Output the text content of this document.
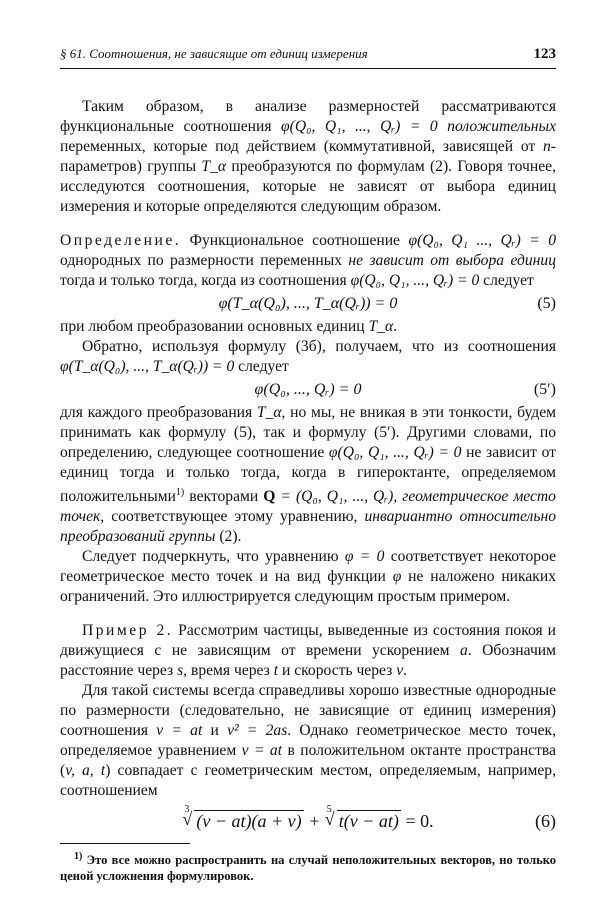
§ 61. Соотношения, не зависящие от единиц измерения	123

Таким образом, в анализе размерностей рассматриваются функциональные соотношения φ(Q₀, Q₁, ..., Qᵣ) = 0 положительных переменных, которые под действием (коммутативной, зависящей от n-параметров) группы T_α преобразуются по формулам (2). Говоря точнее, исследуются соотношения, которые не зависят от выбора единиц измерения и которые определяются следующим образом.

Определение. Функциональное соотношение φ(Q₀, Q₁ ..., Qᵣ) = 0 однородных по размерности переменных не зависит от выбора единиц тогда и только тогда, когда из соотношения φ(Q₀, Q₁, ..., Qᵣ) = 0 следует

φ(T_α(Q₀), ..., T_α(Qᵣ)) = 0	(5)

при любом преобразовании основных единиц T_α.

Обратно, используя формулу (3б), получаем, что из соотношения φ(T_α(Q₀), ..., T_α(Qᵣ)) = 0 следует

φ(Q₀, ..., Qᵣ) = 0	(5′)

для каждого преобразования T_α, но мы, не вникая в эти тонкости, будем принимать как формулу (5), так и формулу (5′). Другими словами, по определению, следующее соотношение φ(Q₀, Q₁, ..., Qᵣ) = 0 не зависит от единиц тогда и только тогда, когда в гипероктанте, определяемом положительными$^{1)}$ векторами Q = (Q₀, Q₁, ..., Qᵣ), геометрическое место точек, соответствующее этому уравнению, инвариантно относительно преобразований группы (2).

Следует подчеркнуть, что уравнению φ = 0 соответствует некоторое геометрическое место точек и на вид функции φ не наложено никаких ограничений. Это иллюстрируется следующим простым примером.

Пример 2. Рассмотрим частицы, выведенные из состояния покоя и движущиеся с не зависящим от времени ускорением a. Обозначим расстояние через s, время через t и скорость через v.

Для такой системы всегда справедливы хорошо известные однородные по размерности (следовательно, не зависящие от единиц измерения) соотношения v = at и v² = 2as. Однако геометрическое место точек, определяемое уравнением v = at в положительном октанте пространства (v, a, t) совпадает с геометрическим местом, определяемым, например, соотношением

√ 3
(v − at)(a + v) +
√ 5
t(v − at) = 0.	(6)

$^{1)}$ Это все можно распространить на случай неположительных векторов, но только ценой усложнения формулировок.
